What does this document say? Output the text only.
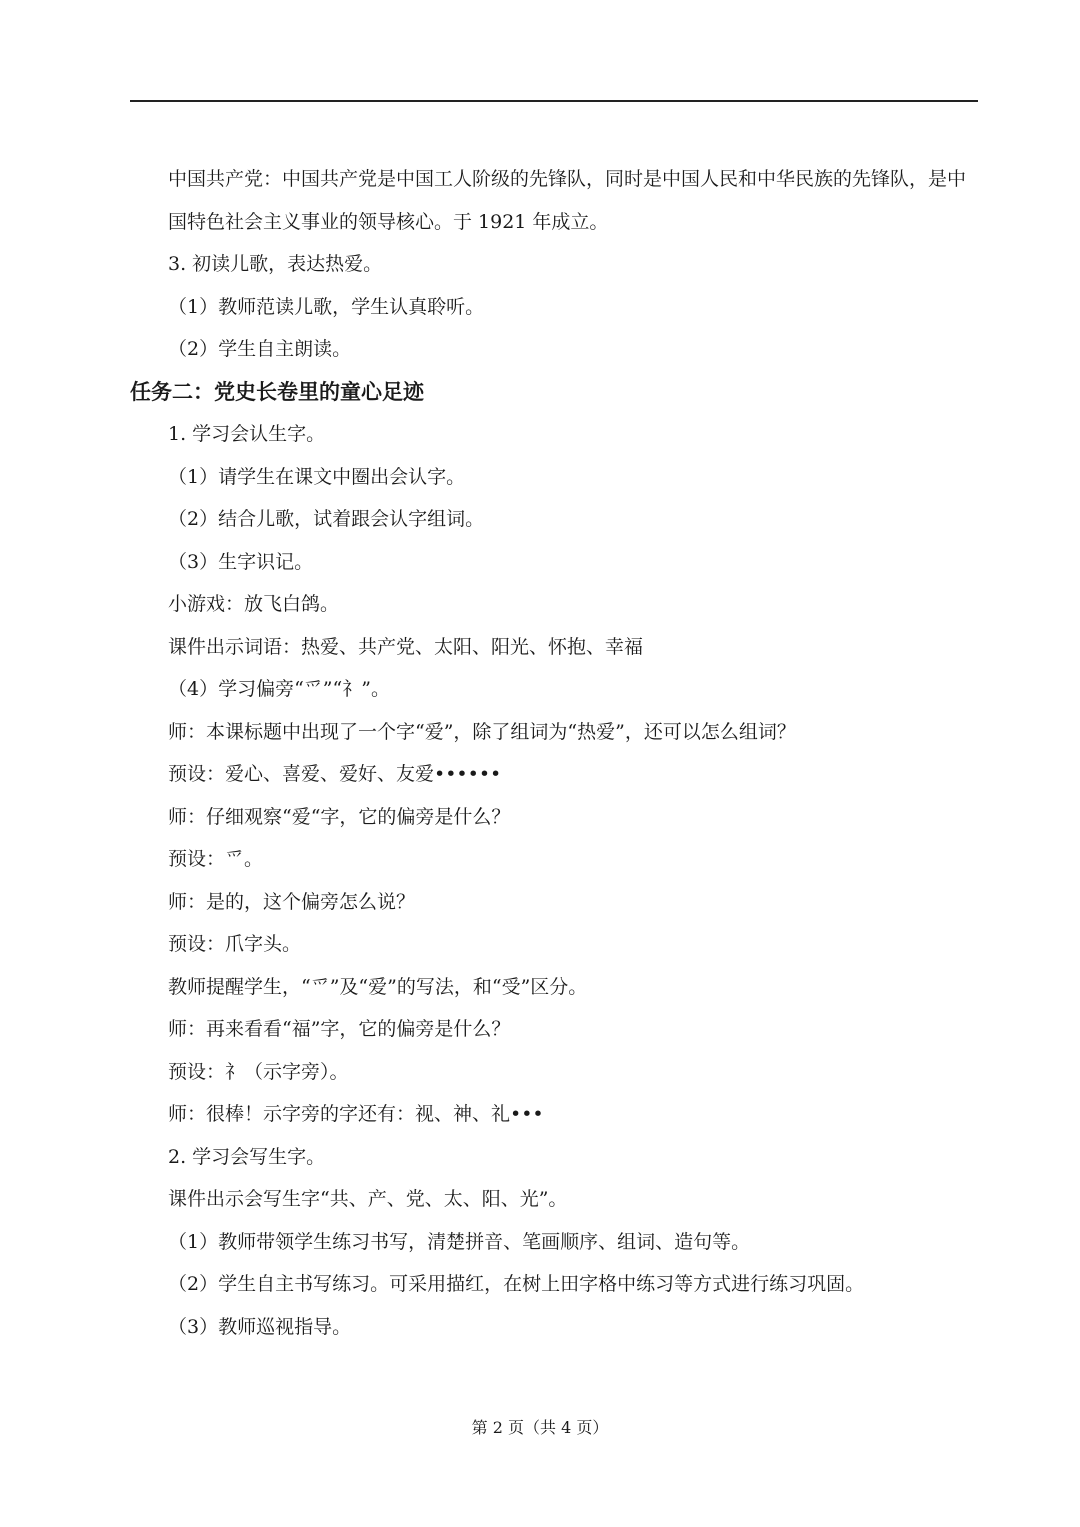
中国共产党：中国共产党是中国工人阶级的先锋队，同时是中国人民和中华民族的先锋队，是中国特色社会主义事业的领导核心。于 1921 年成立。
3. 初读儿歌，表达热爱。
（1）教师范读儿歌，学生认真聆听。
（2）学生自主朗读。
任务二：党史长卷里的童心足迹
1. 学习会认生字。
（1）请学生在课文中圈出会认字。
（2）结合儿歌，试着跟会认字组词。
（3）生字识记。
小游戏：放飞白鸽。
课件出示词语：热爱、共产党、太阳、阳光、怀抱、幸福
（4）学习偏旁“爫”“礻”。
师：本课标题中出现了一个字“爱”，除了组词为“热爱”，还可以怎么组词？
预设：爱心、喜爱、爱好、友爱••••••
师：仔细观察“爱“字，它的偏旁是什么？
预设：爫。
师：是的，这个偏旁怎么说？
预设：爪字头。
教师提醒学生，“爫”及“爱”的写法，和“受”区分。
师：再来看看“福”字，它的偏旁是什么？
预设：礻（示字旁）。
师：很棒！示字旁的字还有：视、神、礼•••
2. 学习会写生字。
课件出示会写生字“共、产、党、太、阳、光”。
（1）教师带领学生练习书写，清楚拼音、笔画顺序、组词、造句等。
（2）学生自主书写练习。可采用描红，在树上田字格中练习等方式进行练习巩固。
（3）教师巡视指导。
第 2 页（共 4 页）
